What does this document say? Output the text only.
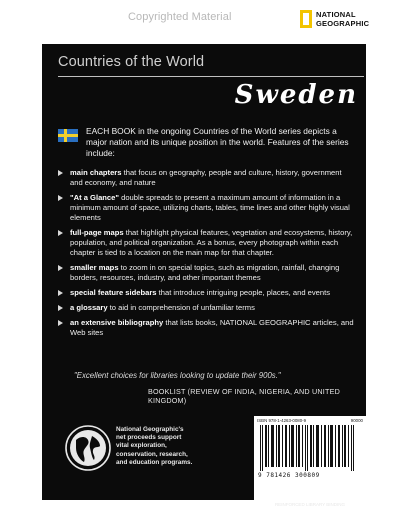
Copyrighted Material	NATIONAL
GEOGRAPHIC
Countries of the World
Sweden
EACH BOOK in the ongoing Countries of the World series depicts a major nation and its unique position in the world. Features of the series include:
main chapters that focus on geography, people and culture, history, government and economy, and nature
"At a Glance" double spreads to present a maximum amount of information in a minimum amount of space, utilizing charts, tables, time lines and other highly visual elements
full-page maps that highlight physical features, vegetation and ecosystems, history, population, and political organization. As a bonus, every photograph within each chapter is tied to a location on the main map for that chapter.
smaller maps to zoom in on special topics, such as migration, rainfall, changing borders, resources, industry, and other important themes
special feature sidebars that introduce intriguing people, places, and events
a glossary to aid in comprehension of unfamiliar terms
an extensive bibliography that lists books, NATIONAL GEOGRAPHIC articles, and Web sites
"Excellent choices for libraries looking to update their 900s."
BOOKLIST (REVIEW OF INDIA, NIGERIA, AND UNITED KINGDOM)
National Geographic's
net proceeds support
vital exploration,
conservation, research,
and education programs.
ISBN 978-1-4263-0080-9	90000
9 781426 300809
REINFORCED LIBRARY BINDING
